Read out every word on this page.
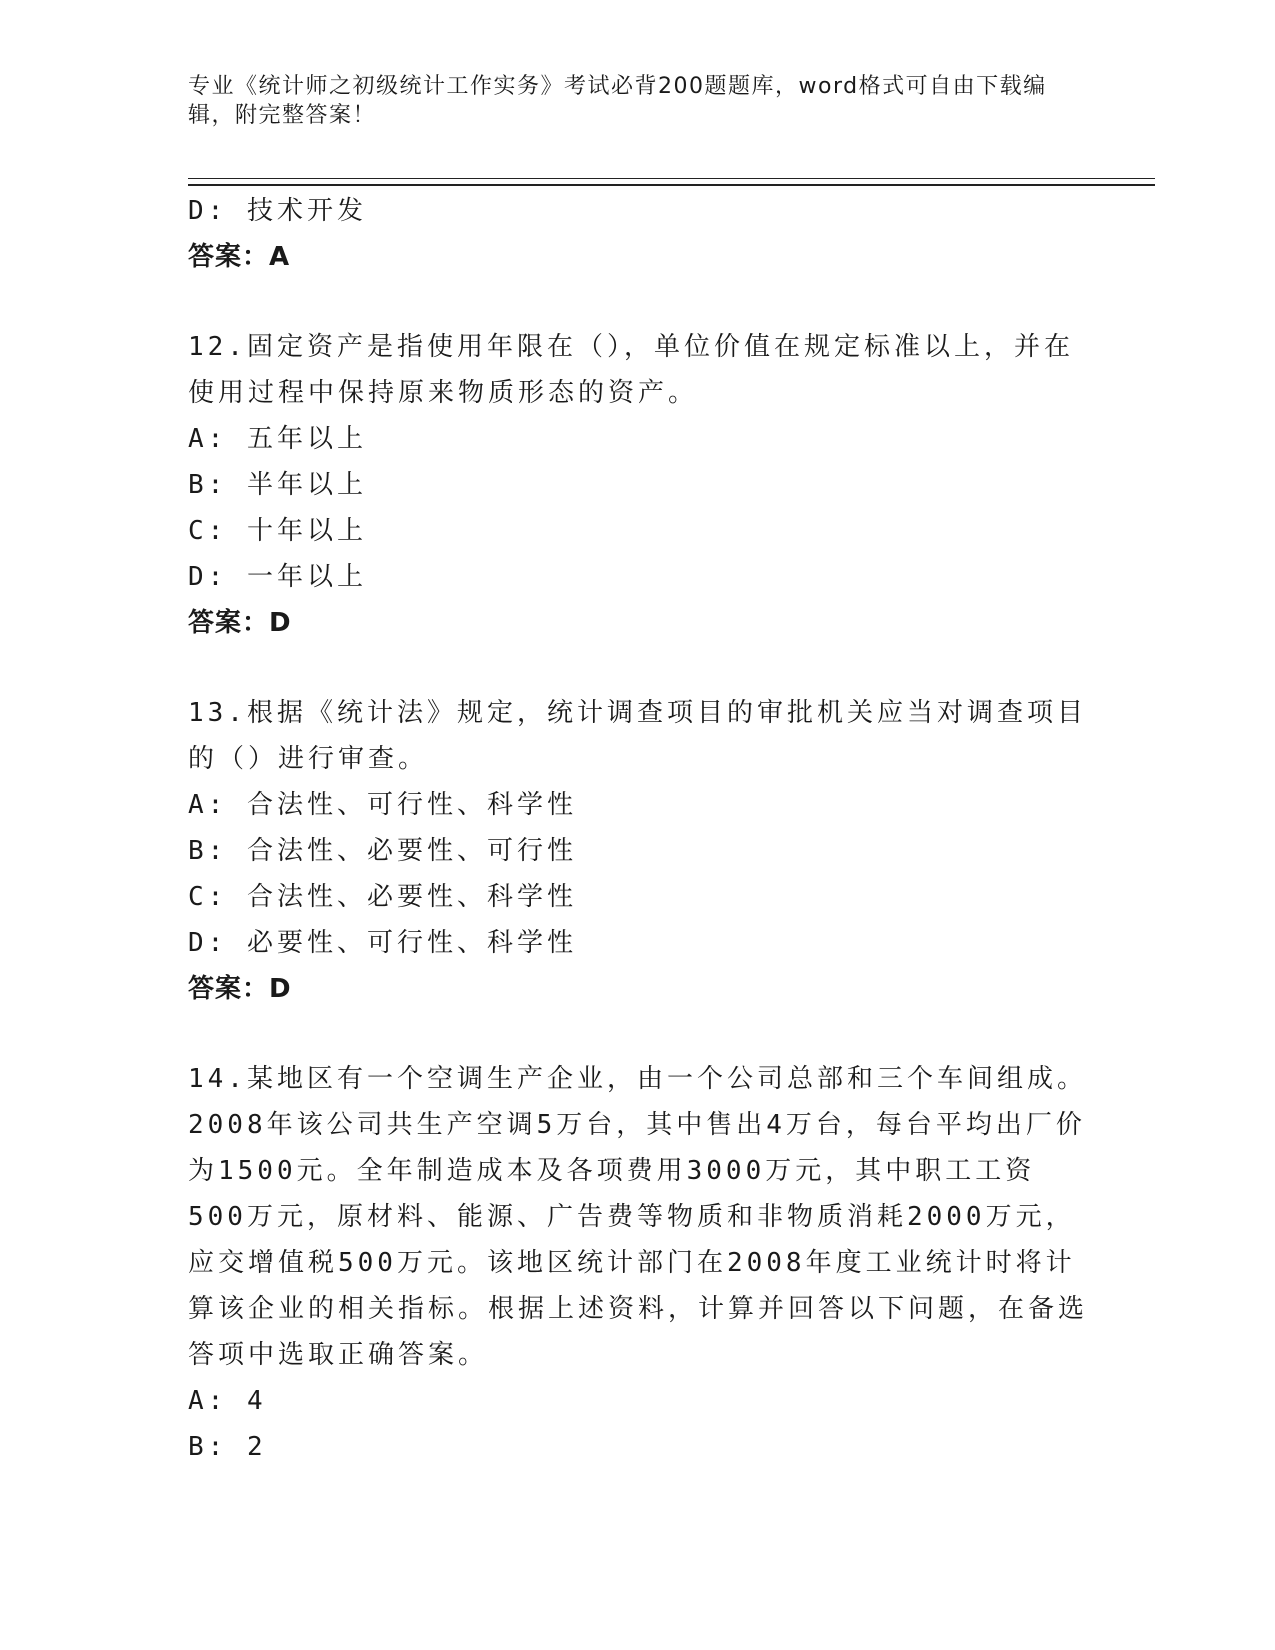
专业《统计师之初级统计工作实务》考试必背200题题库，word格式可自由下载编辑，附完整答案！
D: 技术开发
答案：A
12.固定资产是指使用年限在（），单位价值在规定标准以上，并在使用过程中保持原来物质形态的资产。
A: 五年以上
B: 半年以上
C: 十年以上
D: 一年以上
答案：D
13.根据《统计法》规定，统计调查项目的审批机关应当对调查项目的（）进行审查。
A: 合法性、可行性、科学性
B: 合法性、必要性、可行性
C: 合法性、必要性、科学性
D: 必要性、可行性、科学性
答案：D
14.某地区有一个空调生产企业，由一个公司总部和三个车间组成。2008年该公司共生产空调5万台，其中售出4万台，每台平均出厂价为1500元。全年制造成本及各项费用3000万元，其中职工工资500万元，原材料、能源、广告费等物质和非物质消耗2000万元，应交增值税500万元。该地区统计部门在2008年度工业统计时将计算该企业的相关指标。根据上述资料，计算并回答以下问题，在备选答项中选取正确答案。
A: 4
B: 2
